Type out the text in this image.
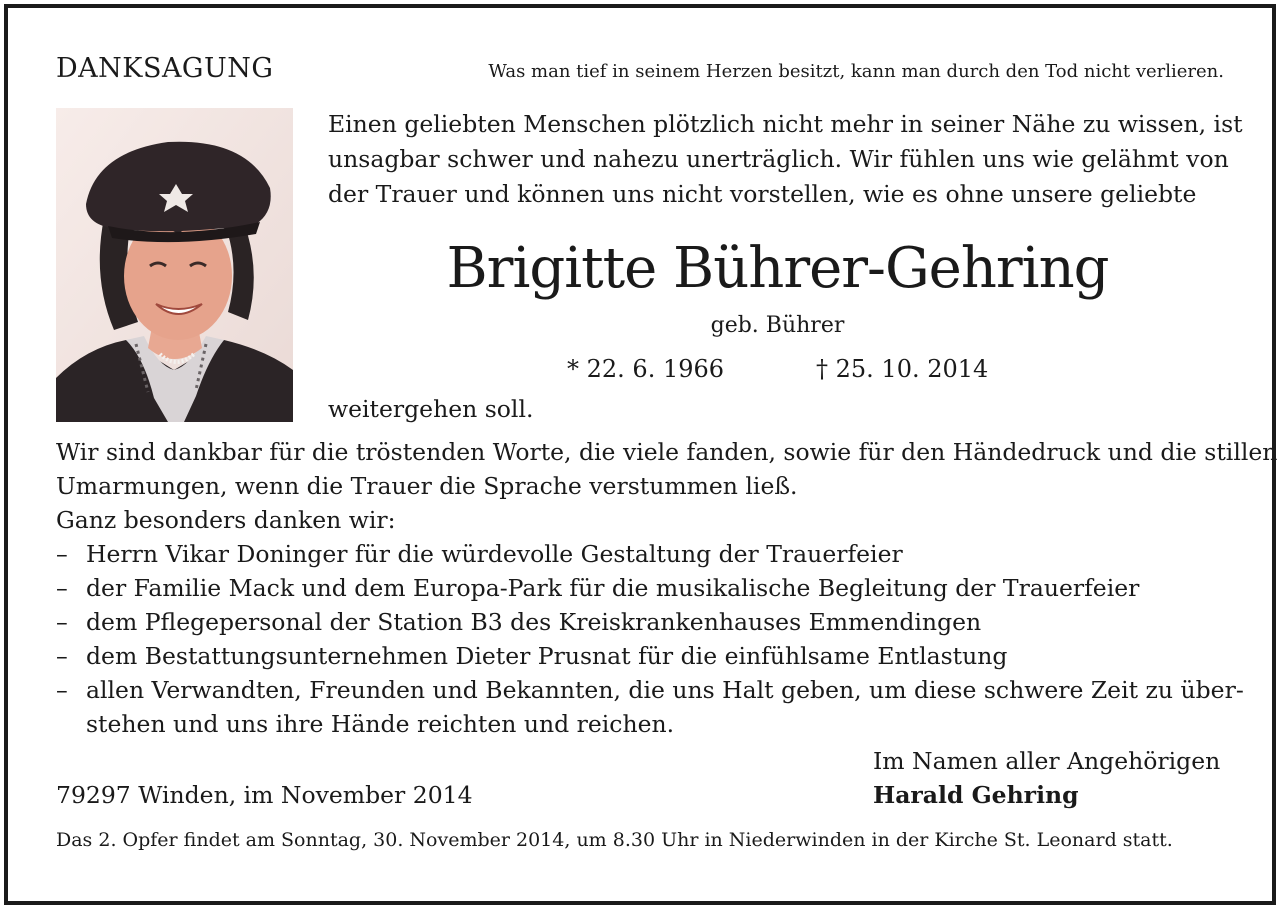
DANKSAGUNG	Was man tief in seinem Herzen besitzt, kann man durch den Tod nicht verlieren.
Einen geliebten Menschen plötzlich nicht mehr in seiner Nähe zu wissen, ist
unsagbar schwer und nahezu unerträglich. Wir fühlen uns wie gelähmt von
der Trauer und können uns nicht vorstellen, wie es ohne unsere geliebte
Brigitte Bührer-Gehring
geb. Bührer
* 22. 6. 1966	† 25. 10. 2014
weitergehen soll.
Wir sind dankbar für die tröstenden Worte, die viele fanden, sowie für den Händedruck und die stillen
Umarmungen, wenn die Trauer die Sprache verstummen ließ.
Ganz besonders danken wir:
– Herrn Vikar Doninger für die würdevolle Gestaltung der Trauerfeier
– der Familie Mack und dem Europa-Park für die musikalische Begleitung der Trauerfeier
– dem Pflegepersonal der Station B3 des Kreiskrankenhauses Emmendingen
– dem Bestattungsunternehmen Dieter Prusnat für die einfühlsame Entlastung
– allen Verwandten, Freunden und Bekannten, die uns Halt geben, um diese schwere Zeit zu über-
stehen und uns ihre Hände reichten und reichen.
Im Namen aller Angehörigen
79297 Winden, im November 2014	Harald Gehring
Das 2. Opfer findet am Sonntag, 30. November 2014, um 8.30 Uhr in Niederwinden in der Kirche St. Leonard statt.
